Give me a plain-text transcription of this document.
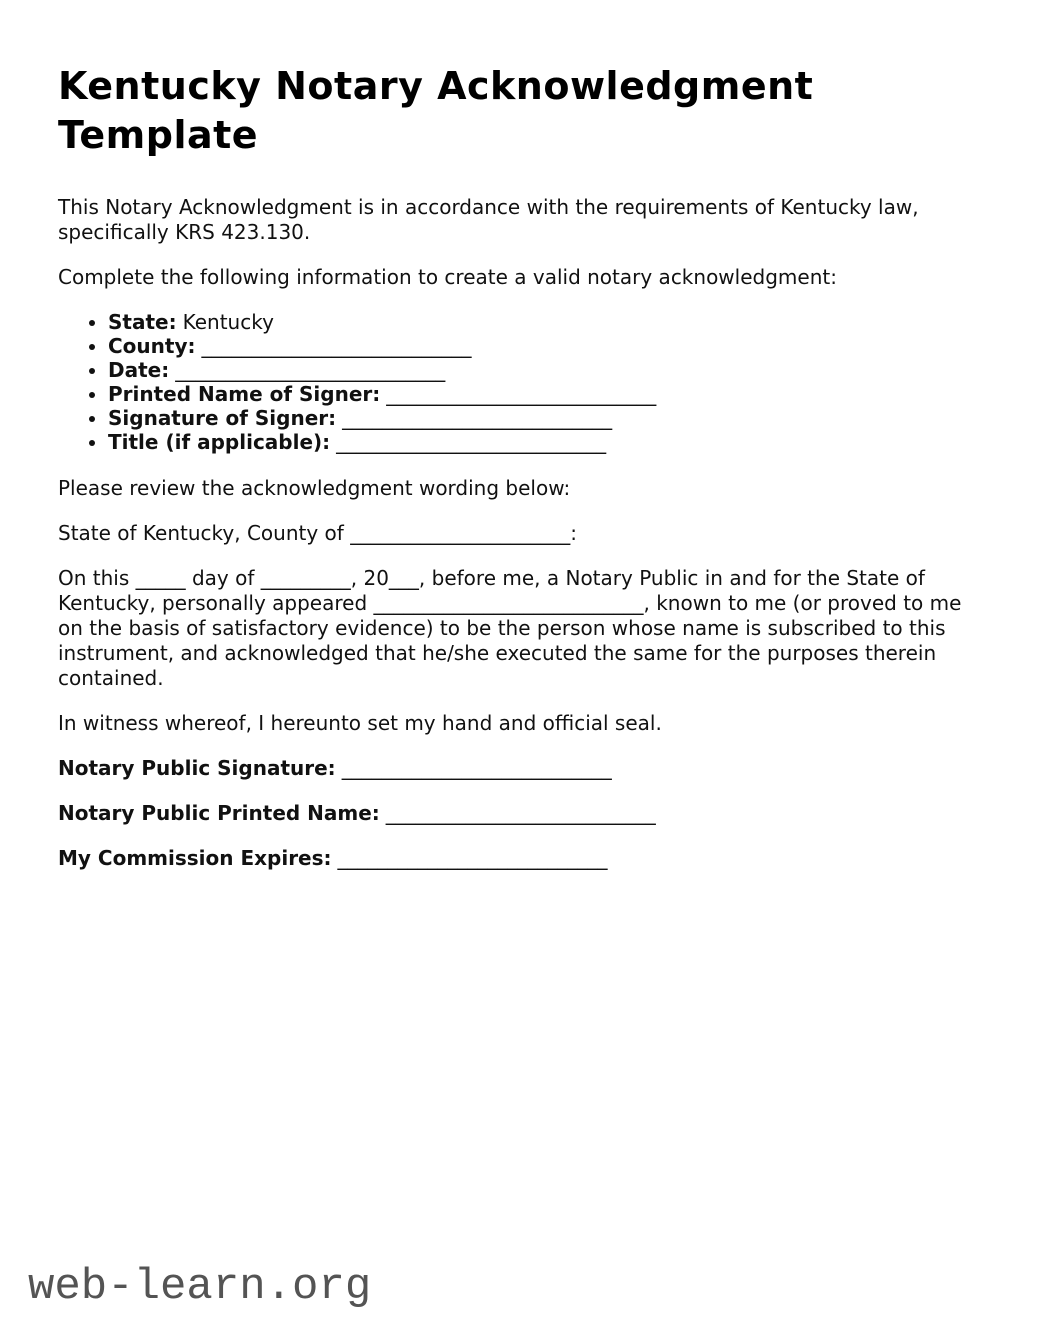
Kentucky Notary Acknowledgment Template

This Notary Acknowledgment is in accordance with the requirements of Kentucky law,
specifically KRS 423.130.

Complete the following information to create a valid notary acknowledgment:

• State: Kentucky
• County: ___________________________
• Date: ___________________________
• Printed Name of Signer: ___________________________
• Signature of Signer: ___________________________
• Title (if applicable): ___________________________

Please review the acknowledgment wording below:

State of Kentucky, County of ______________________:

On this _____ day of _________, 20___, before me, a Notary Public in and for the State of
Kentucky, personally appeared ___________________________, known to me (or proved to me
on the basis of satisfactory evidence) to be the person whose name is subscribed to this
instrument, and acknowledged that he/she executed the same for the purposes therein
contained.

In witness whereof, I hereunto set my hand and official seal.

Notary Public Signature: ___________________________

Notary Public Printed Name: ___________________________

My Commission Expires: ___________________________

web-learn.org
